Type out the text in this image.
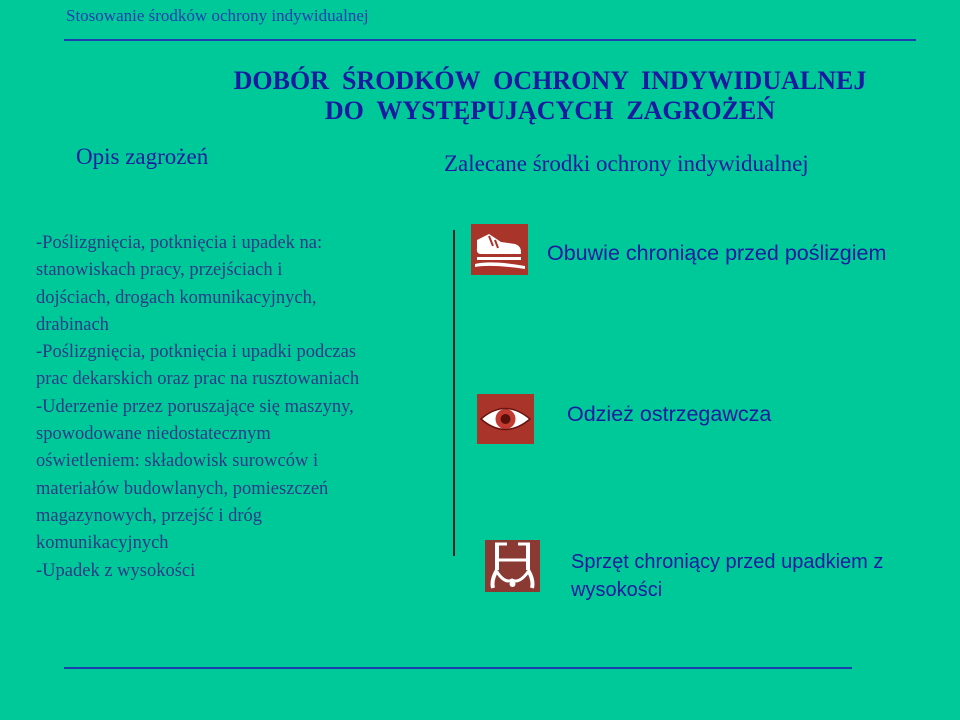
Stosowanie środków ochrony indywidualnej
DOBÓR  ŚRODKÓW  OCHRONY  INDYWIDUALNEJ
DO  WYSTĘPUJĄCYCH  ZAGROŻEŃ
Opis zagrożeń	Zalecane środki ochrony indywidualnej
-Poślizgnięcia, potknięcia i upadek na:
stanowiskach pracy, przejściach i
dojściach, drogach komunikacyjnych,
drabinach
-Poślizgnięcia, potknięcia i upadki podczas
prac dekarskich oraz prac na rusztowaniach
-Uderzenie przez poruszające się maszyny,
spowodowane niedostatecznym
oświetleniem: składowisk surowców i
materiałów budowlanych, pomieszczeń
magazynowych, przejść i dróg
komunikacyjnych
-Upadek z wysokości
Obuwie chroniące przed poślizgiem
Odzież ostrzegawcza
Sprzęt chroniący przed upadkiem z wysokości
